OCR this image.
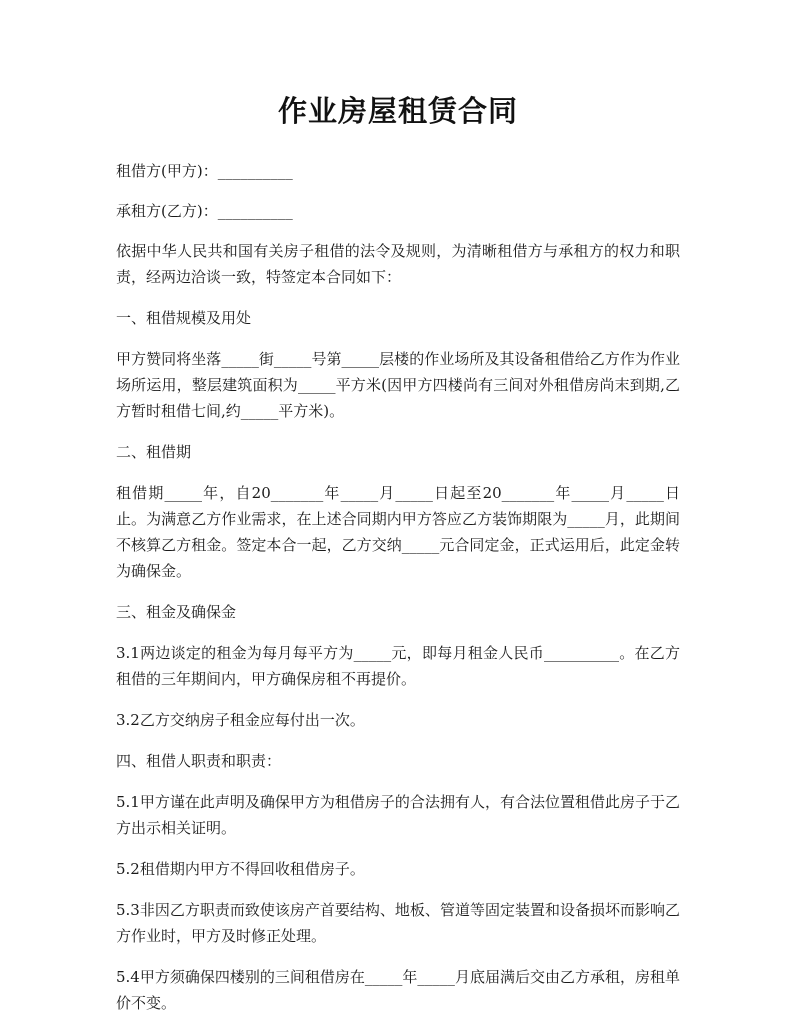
作业房屋租赁合同

租借方(甲方)：__________

承租方(乙方)：__________

依据中华人民共和国有关房子租借的法令及规则，为清晰租借方与承租方的权力和职责，经两边洽谈一致，特签定本合同如下：

一、租借规模及用处

甲方赞同将坐落_____街_____号第_____层楼的作业场所及其设备租借给乙方作为作业场所运用，整层建筑面积为_____平方米(因甲方四楼尚有三间对外租借房尚末到期,乙方暂时租借七间,约_____平方米)。

二、租借期

租借期_____年，自20_______年_____月_____日起至20_______年_____月_____日止。为满意乙方作业需求，在上述合同期内甲方答应乙方装饰期限为_____月，此期间不核算乙方租金。签定本合一起，乙方交纳_____元合同定金，正式运用后，此定金转为确保金。

三、租金及确保金

3.1两边谈定的租金为每月每平方为_____元，即每月租金人民币__________。在乙方租借的三年期间内，甲方确保房租不再提价。

3.2乙方交纳房子租金应每付出一次。

四、租借人职责和职责：

5.1甲方谨在此声明及确保甲方为租借房子的合法拥有人，有合法位置租借此房子于乙方出示相关证明。

5.2租借期内甲方不得回收租借房子。

5.3非因乙方职责而致使该房产首要结构、地板、管道等固定装置和设备损坏而影响乙方作业时，甲方及时修正处理。

5.4甲方须确保四楼别的三间租借房在_____年_____月底届满后交由乙方承租，房租单价不变。
